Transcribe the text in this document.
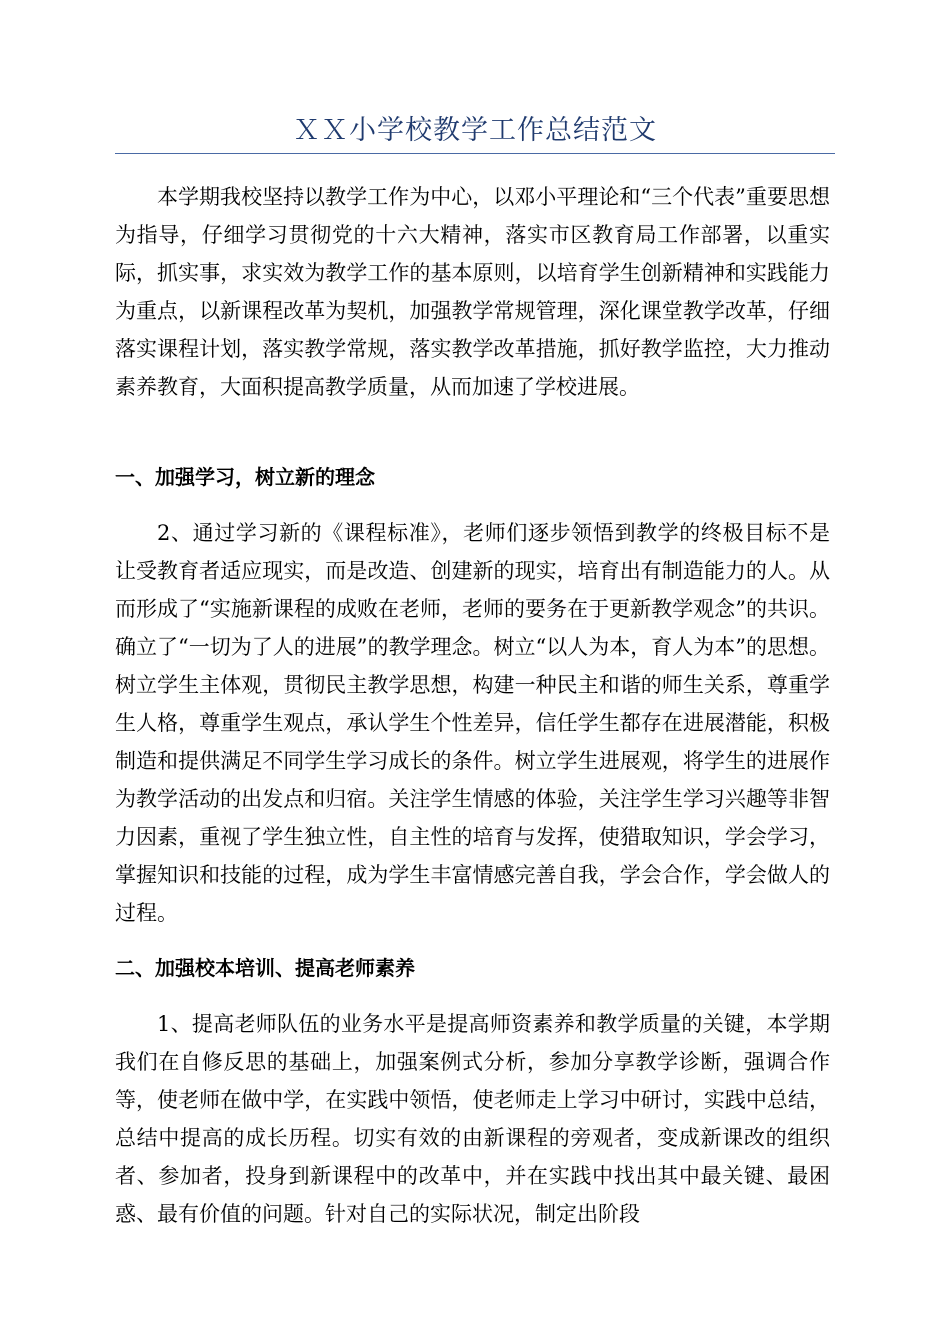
ＸＸ小学校教学工作总结范文

本学期我校坚持以教学工作为中心，以邓小平理论和“三个代表”重要思想为指导，仔细学习贯彻党的十六大精神，落实市区教育局工作部署，以重实际，抓实事，求实效为教学工作的基本原则，以培育学生创新精神和实践能力为重点，以新课程改革为契机，加强教学常规管理，深化课堂教学改革，仔细落实课程计划，落实教学常规，落实教学改革措施，抓好教学监控，大力推动素养教育，大面积提高教学质量，从而加速了学校进展。

一、加强学习，树立新的理念

2、通过学习新的《课程标准》，老师们逐步领悟到教学的终极目标不是让受教育者适应现实，而是改造、创建新的现实，培育出有制造能力的人。从而形成了“实施新课程的成败在老师，老师的要务在于更新教学观念”的共识。确立了“一切为了人的进展”的教学理念。树立“以人为本，育人为本”的思想。树立学生主体观，贯彻民主教学思想，构建一种民主和谐的师生关系，尊重学生人格，尊重学生观点，承认学生个性差异，信任学生都存在进展潜能，积极制造和提供满足不同学生学习成长的条件。树立学生进展观，将学生的进展作为教学活动的出发点和归宿。关注学生情感的体验，关注学生学习兴趣等非智力因素，重视了学生独立性，自主性的培育与发挥，使猎取知识，学会学习，掌握知识和技能的过程，成为学生丰富情感完善自我，学会合作，学会做人的过程。

二、加强校本培训、提高老师素养

1、提高老师队伍的业务水平是提高师资素养和教学质量的关键，本学期我们在自修反思的基础上，加强案例式分析，参加分享教学诊断，强调合作等，使老师在做中学，在实践中领悟，使老师走上学习中研讨，实践中总结，总结中提高的成长历程。切实有效的由新课程的旁观者，变成新课改的组织者、参加者，投身到新课程中的改革中，并在实践中找出其中最关键、最困惑、最有价值的问题。针对自己的实际状况，制定出阶段
